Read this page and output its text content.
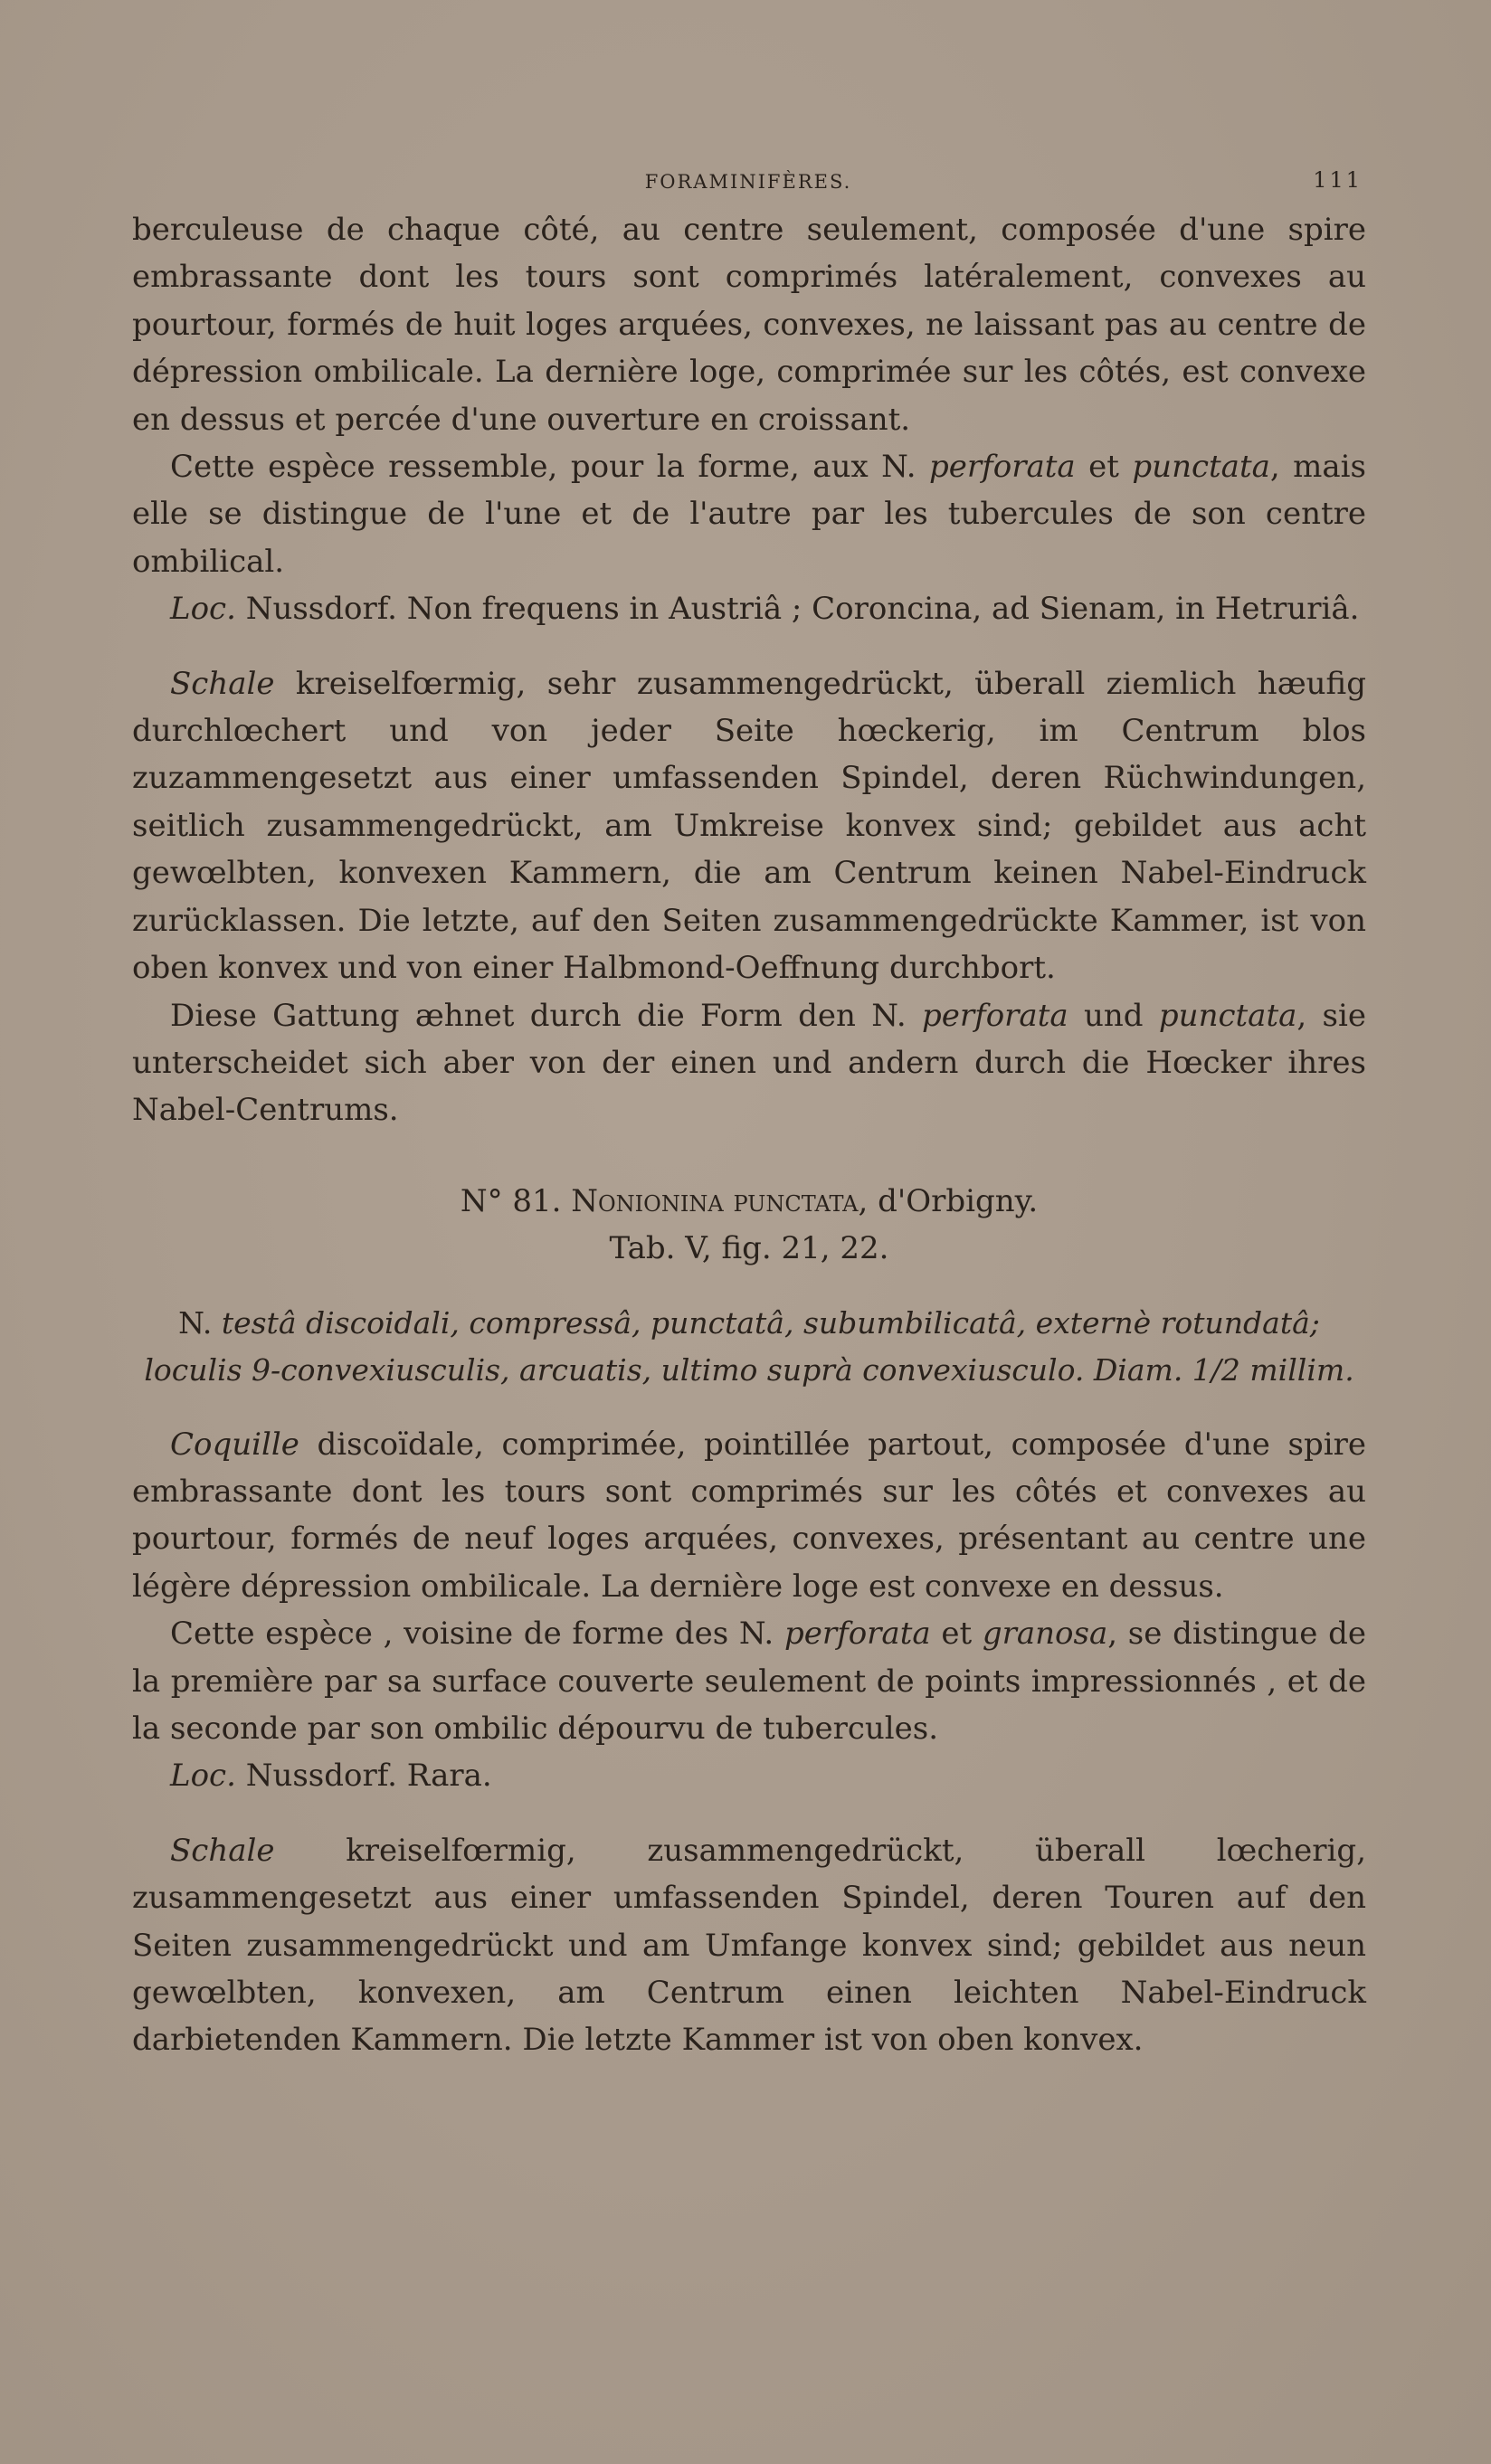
FORAMINIFÈRES.	111

berculeuse de chaque côté, au centre seulement, composée d'une spire embrassante dont les tours sont comprimés latéralement, convexes au pourtour, formés de huit loges arquées, convexes, ne laissant pas au centre de dépression ombilicale. La dernière loge, comprimée sur les côtés, est convexe en dessus et percée d'une ouverture en croissant.

Cette espèce ressemble, pour la forme, aux N. perforata et punctata, mais elle se distingue de l'une et de l'autre par les tubercules de son centre ombilical.

Loc. Nussdorf. Non frequens in Austriâ ; Coroncina, ad Sienam, in Hetruriâ.

Schale kreiselfœrmig, sehr zusammengedrückt, überall ziemlich hæufig durchlœchert und von jeder Seite hœckerig, im Centrum blos zuzammengesetzt aus einer umfassenden Spindel, deren Rüchwindungen, seitlich zusammengedrückt, am Umkreise konvex sind; gebildet aus acht gewœlbten, konvexen Kammern, die am Centrum keinen Nabel-Eindruck zurücklassen. Die letzte, auf den Seiten zusammengedrückte Kammer, ist von oben konvex und von einer Halbmond-Oeffnung durchbort.

Diese Gattung æhnet durch die Form den N. perforata und punctata, sie unterscheidet sich aber von der einen und andern durch die Hœcker ihres Nabel-Centrums.

N° 81. Nonionina punctata, d'Orbigny.

Tab. V, fig. 21, 22.

N. testâ discoidali, compressâ, punctatâ, subumbilicatâ, externè rotundatâ; loculis 9-convexiusculis, arcuatis, ultimo suprà convexiusculo. Diam. 1/2 millim.

Coquille discoïdale, comprimée, pointillée partout, composée d'une spire embrassante dont les tours sont comprimés sur les côtés et convexes au pourtour, formés de neuf loges arquées, convexes, présentant au centre une légère dépression ombilicale. La dernière loge est convexe en dessus.

Cette espèce , voisine de forme des N. perforata et granosa, se distingue de la première par sa surface couverte seulement de points impressionnés , et de la seconde par son ombilic dépourvu de tubercules.

Loc. Nussdorf. Rara.

Schale kreiselfœrmig, zusammengedrückt, überall lœcherig, zusammengesetzt aus einer umfassenden Spindel, deren Touren auf den Seiten zusammengedrückt und am Umfange konvex sind; gebildet aus neun gewœlbten, konvexen, am Centrum einen leichten Nabel-Eindruck darbietenden Kammern. Die letzte Kammer ist von oben konvex.
